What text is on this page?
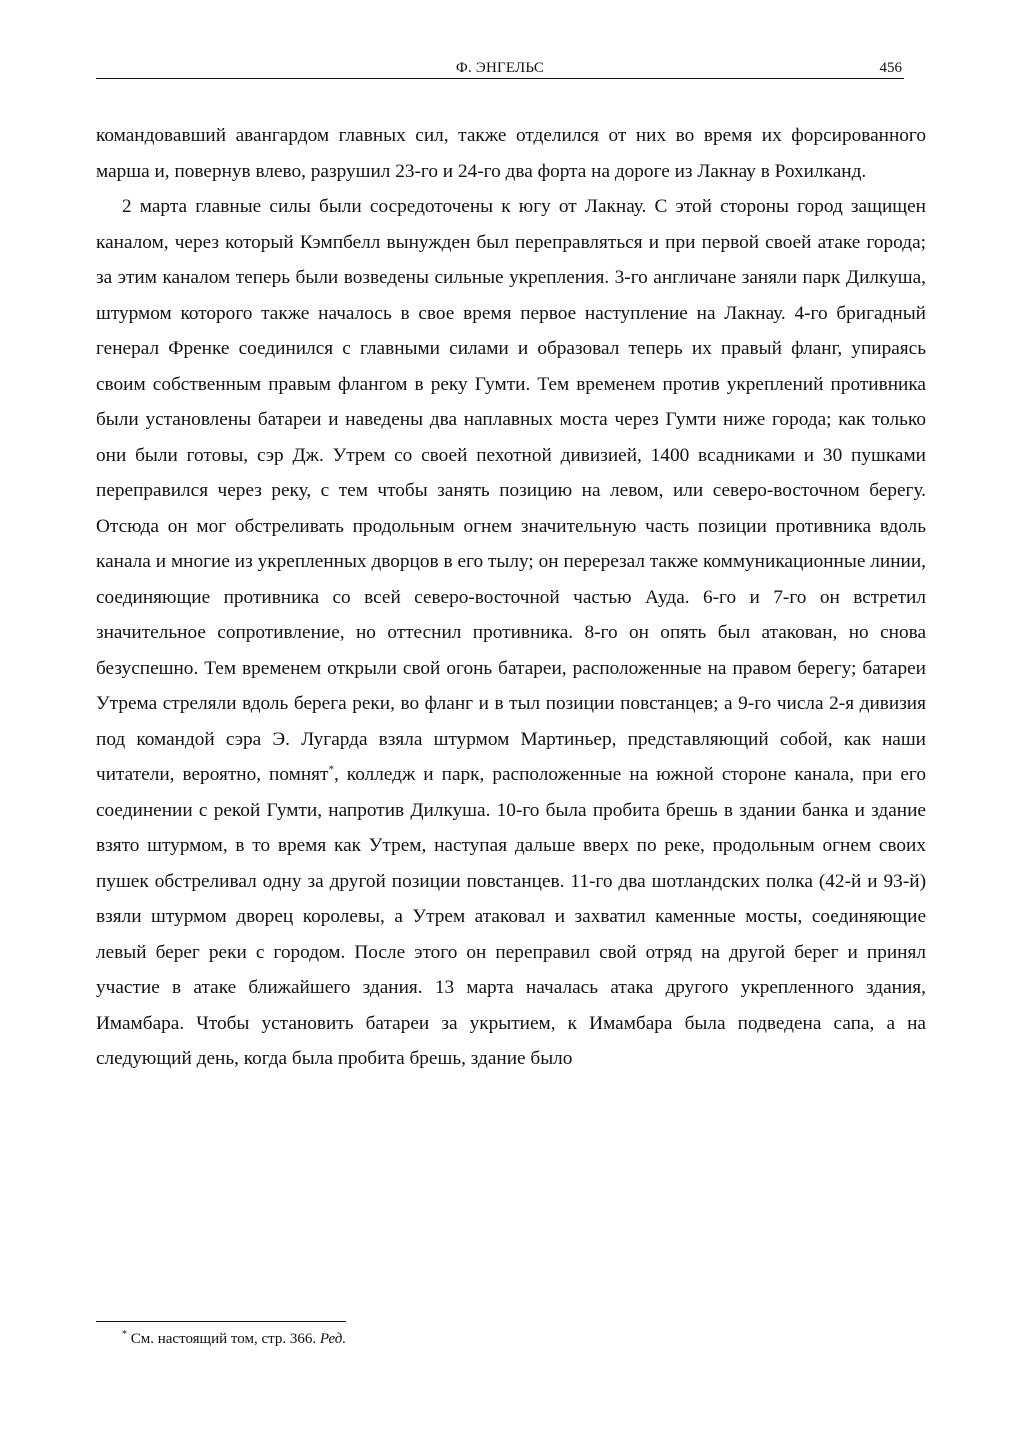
Ф. ЭНГЕЛЬС	456

командовавший авангардом главных сил, также отделился от них во время их форсированного марша и, повернув влево, разрушил 23-го и 24-го два форта на дороге из Лакнау в Рохилканд.

2 марта главные силы были сосредоточены к югу от Лакнау. С этой стороны город защищен каналом, через который Кэмпбелл вынужден был переправляться и при первой своей атаке города; за этим каналом теперь были возведены сильные укрепления. 3-го англичане заняли парк Дилкуша, штурмом которого также началось в свое время первое наступление на Лакнау. 4-го бригадный генерал Френке соединился с главными силами и образовал теперь их правый фланг, упираясь своим собственным правым флангом в реку Гумти. Тем временем против укреплений противника были установлены батареи и наведены два наплавных моста через Гумти ниже города; как только они были готовы, сэр Дж. Утрем со своей пехотной дивизией, 1400 всадниками и 30 пушками переправился через реку, с тем чтобы занять позицию на левом, или северо-восточном берегу. Отсюда он мог обстреливать продольным огнем значительную часть позиции противника вдоль канала и многие из укрепленных дворцов в его тылу; он перерезал также коммуникационные линии, соединяющие противника со всей северо-восточной частью Ауда. 6-го и 7-го он встретил значительное сопротивление, но оттеснил противника. 8-го он опять был атакован, но снова безуспешно. Тем временем открыли свой огонь батареи, расположенные на правом берегу; батареи Утрема стреляли вдоль берега реки, во фланг и в тыл позиции повстанцев; а 9-го числа 2-я дивизия под командой сэра Э. Лугарда взяла штурмом Мартиньер, представляющий собой, как наши читатели, вероятно, помнят*, колледж и парк, расположенные на южной стороне канала, при его соединении с рекой Гумти, напротив Дилкуша. 10-го была пробита брешь в здании банка и здание взято штурмом, в то время как Утрем, наступая дальше вверх по реке, продольным огнем своих пушек обстреливал одну за другой позиции повстанцев. 11-го два шотландских полка (42-й и 93-й) взяли штурмом дворец королевы, а Утрем атаковал и захватил каменные мосты, соединяющие левый берег реки с городом. После этого он переправил свой отряд на другой берег и принял участие в атаке ближайшего здания. 13 марта началась атака другого укрепленного здания, Имамбара. Чтобы установить батареи за укрытием, к Имамбара была подведена сапа, а на следующий день, когда была пробита брешь, здание было

* См. настоящий том, стр. 366. Ред.
